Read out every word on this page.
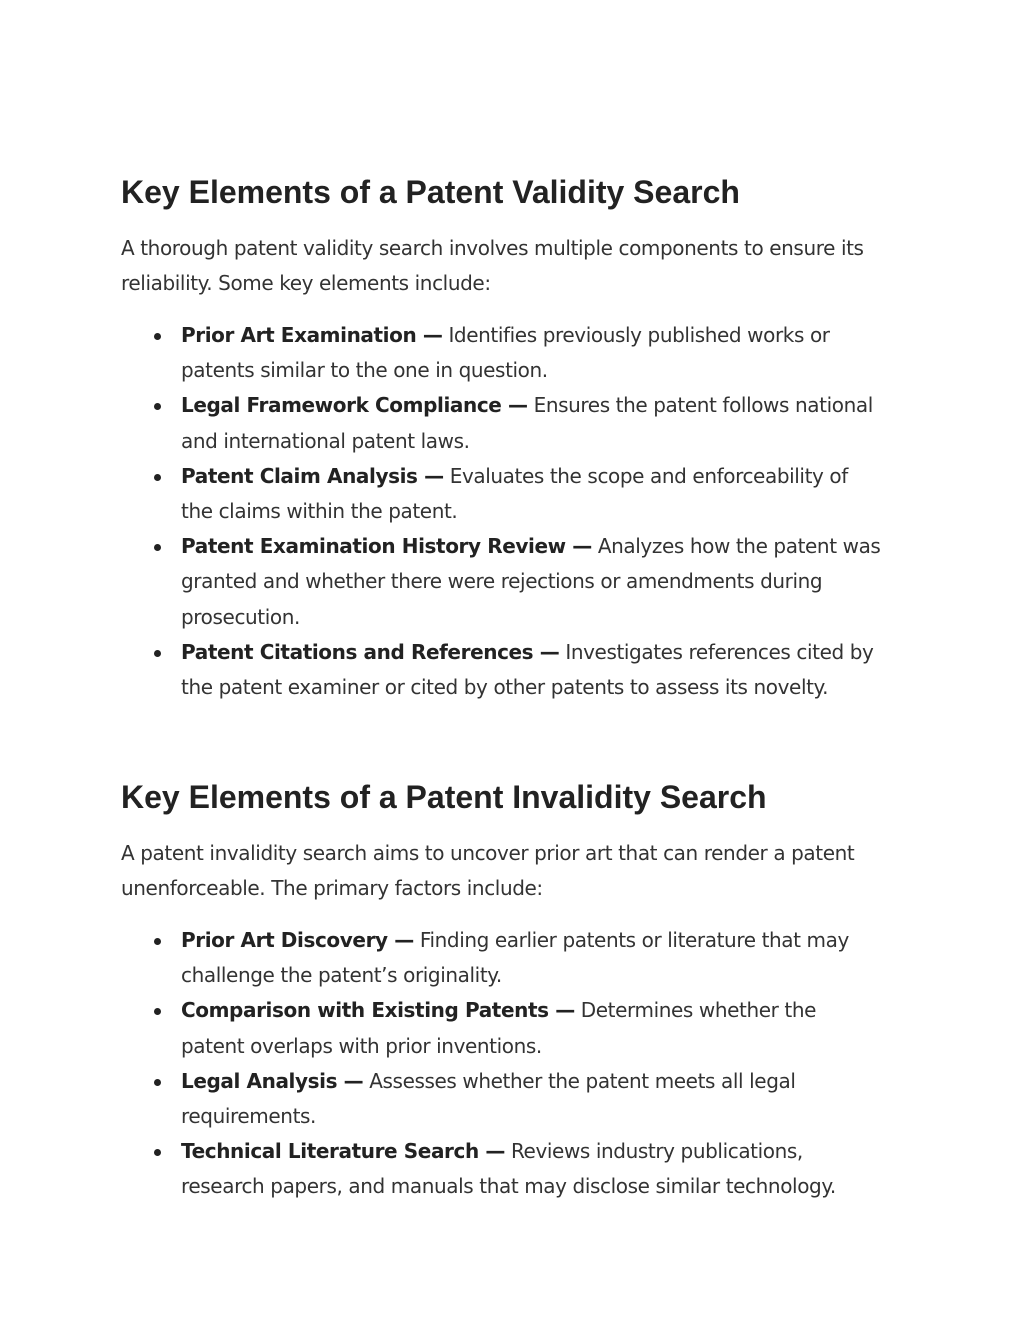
Key Elements of a Patent Validity Search

A thorough patent validity search involves multiple components to ensure its reliability. Some key elements include:

Prior Art Examination — Identifies previously published works or patents similar to the one in question.
Legal Framework Compliance — Ensures the patent follows national and international patent laws.
Patent Claim Analysis — Evaluates the scope and enforceability of the claims within the patent.
Patent Examination History Review — Analyzes how the patent was granted and whether there were rejections or amendments during prosecution.
Patent Citations and References — Investigates references cited by the patent examiner or cited by other patents to assess its novelty.
Key Elements of a Patent Invalidity Search

A patent invalidity search aims to uncover prior art that can render a patent unenforceable. The primary factors include:

Prior Art Discovery — Finding earlier patents or literature that may challenge the patent’s originality.
Comparison with Existing Patents — Determines whether the patent overlaps with prior inventions.
Legal Analysis — Assesses whether the patent meets all legal requirements.
Technical Literature Search — Reviews industry publications, research papers, and manuals that may disclose similar technology.
